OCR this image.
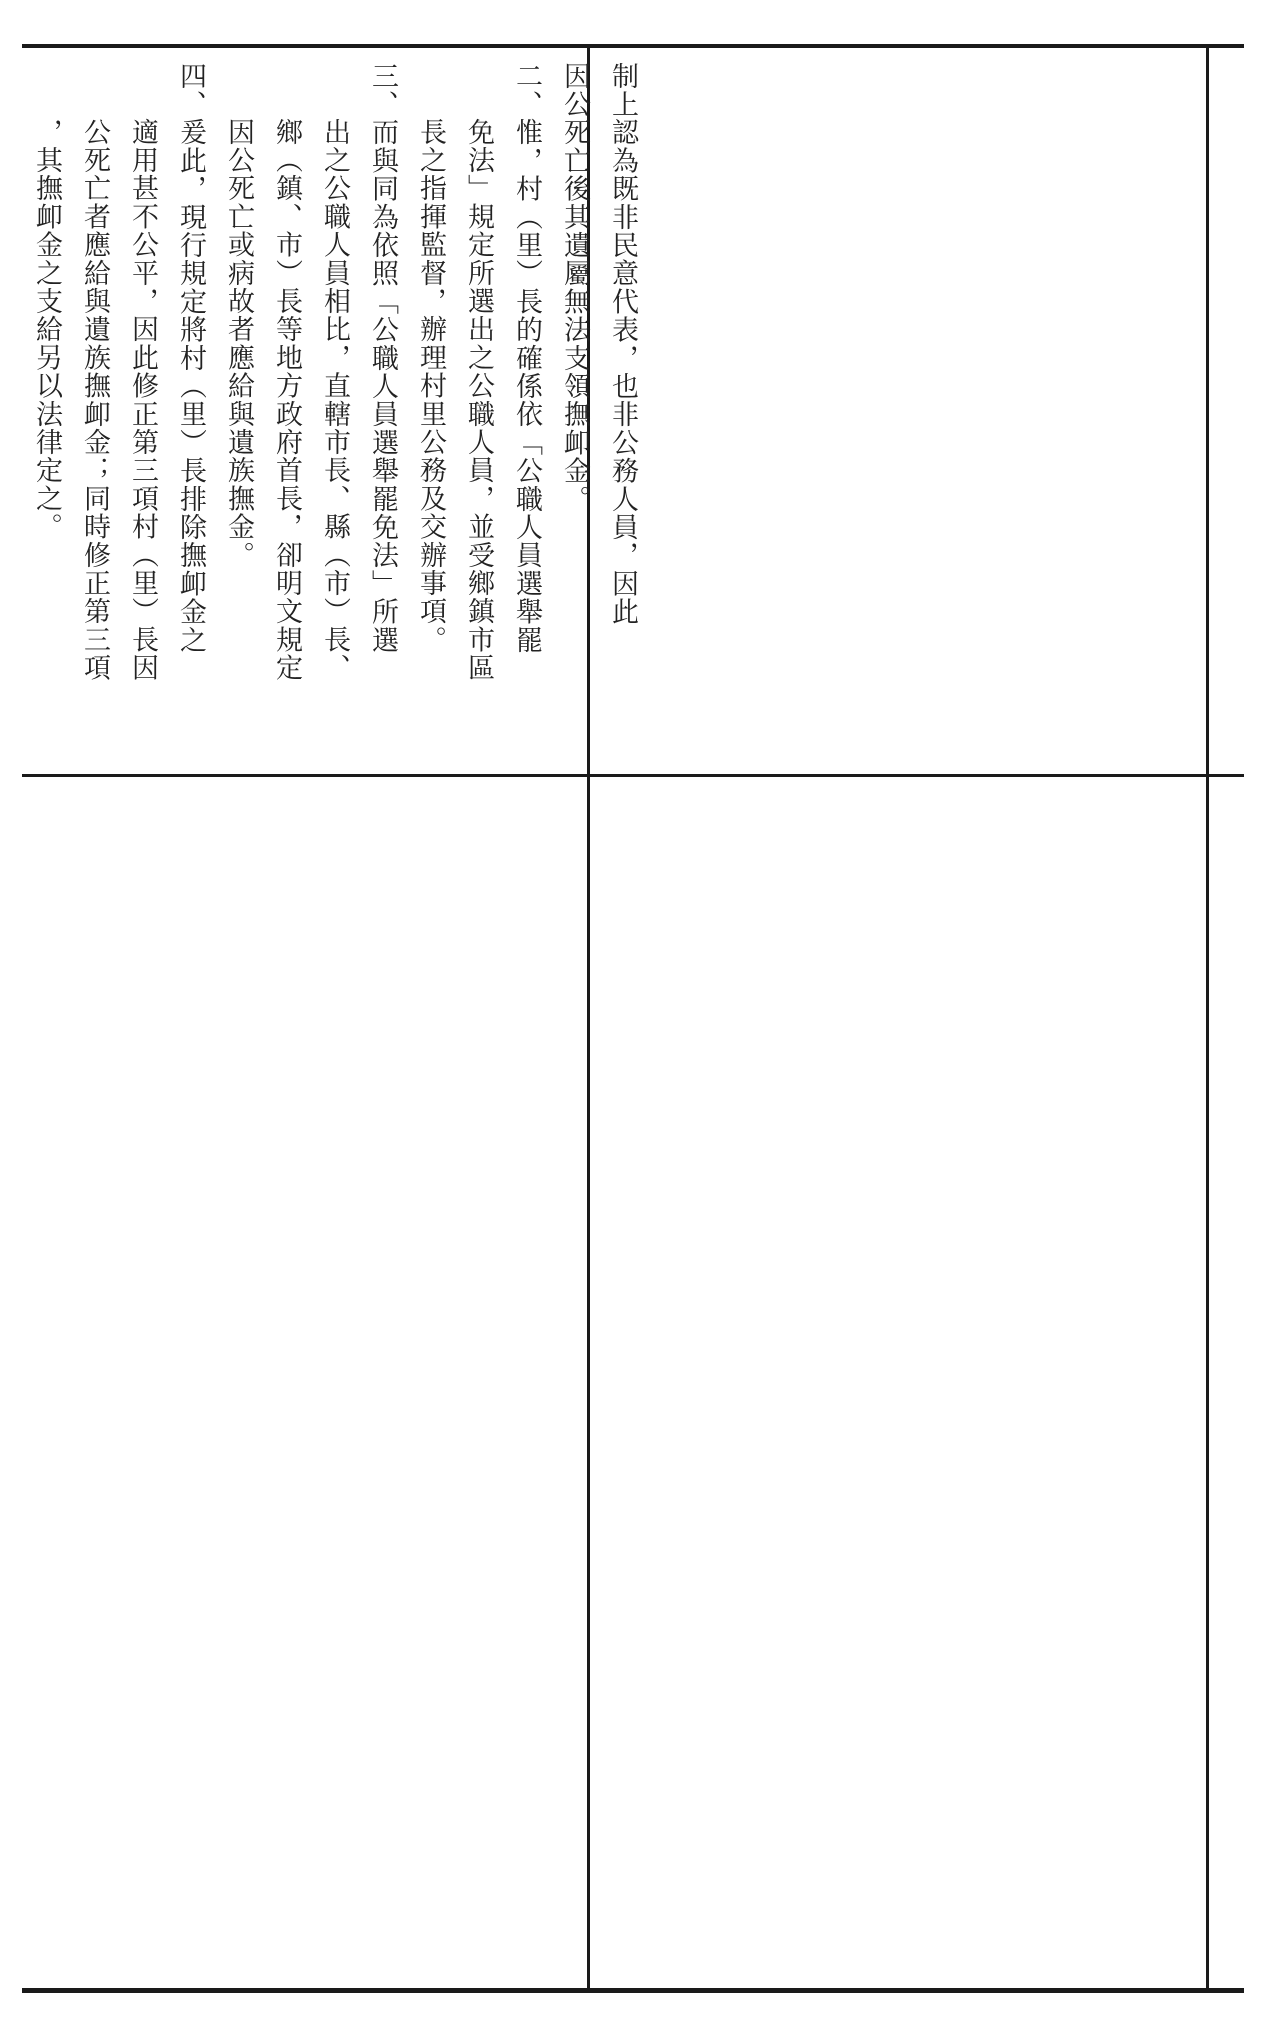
制上認為既非民意代表，也非公務人員，因此

因公死亡後其遺屬無法支領撫卹金。

二、惟，村（里）長的確係依「公職人員選舉罷

免法」規定所選出之公職人員，並受鄉鎮市區

長之指揮監督，辦理村里公務及交辦事項。

三、而與同為依照「公職人員選舉罷免法」所選

出之公職人員相比，直轄市長、縣（市）長、

鄉（鎮、市）長等地方政府首長，卻明文規定

因公死亡或病故者應給與遺族撫金。

四、爰此，現行規定將村（里）長排除撫卹金之

適用甚不公平，因此修正第三項村（里）長因

公死亡者應給與遺族撫卹金；同時修正第三項

，其撫卹金之支給另以法律定之。
